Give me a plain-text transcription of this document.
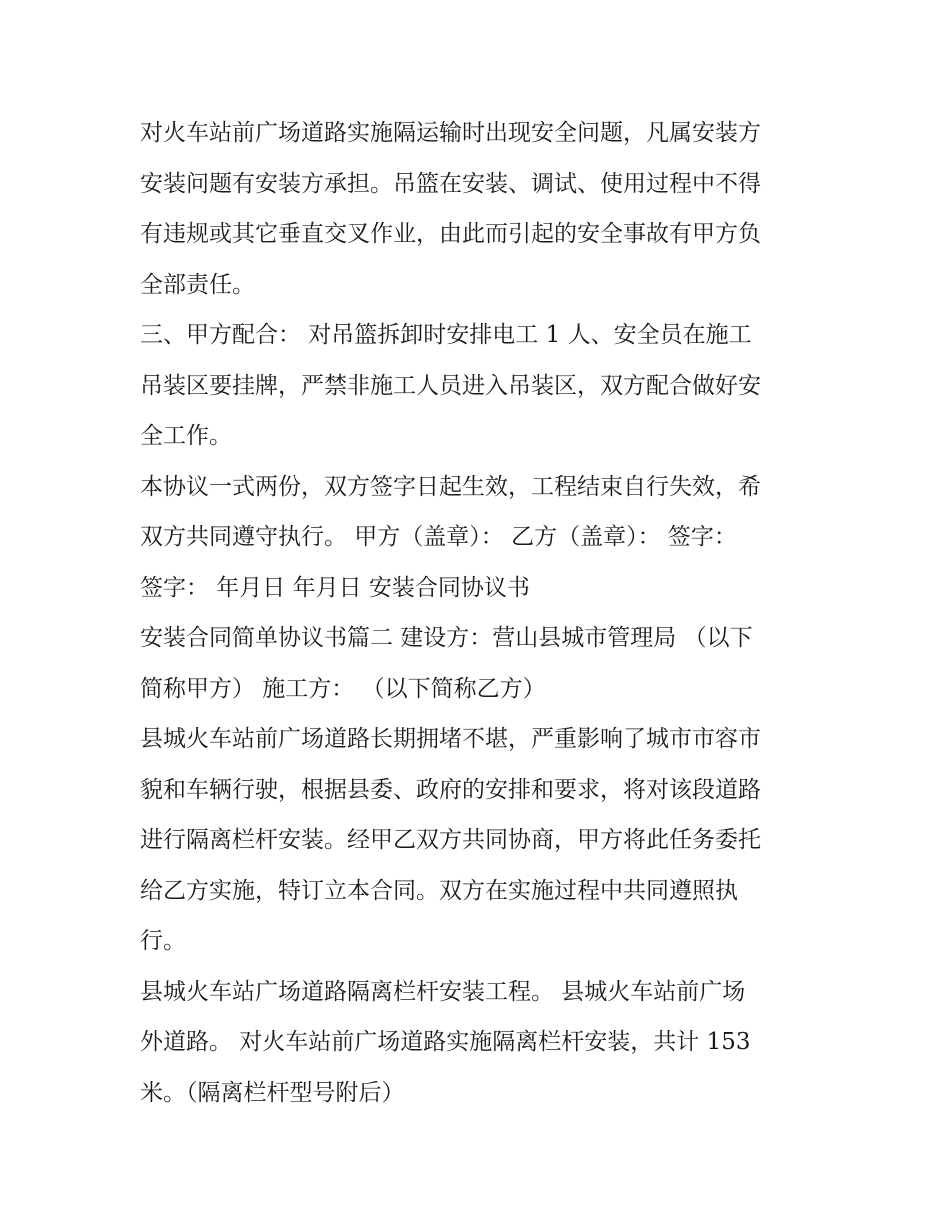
对火车站前广场道路实施隔运输时出现安全问题，凡属安装方
安装问题有安装方承担。吊篮在安装、调试、使用过程中不得
有违规或其它垂直交叉作业，由此而引起的安全事故有甲方负
全部责任。
三、甲方配合： 对吊篮拆卸时安排电工 1 人、安全员在施工
吊装区要挂牌，严禁非施工人员进入吊装区，双方配合做好安
全工作。
本协议一式两份，双方签字日起生效，工程结束自行失效，希
双方共同遵守执行。 甲方（盖章）： 乙方（盖章）： 签字：
签字： 年月日 年月日 安装合同协议书
安装合同简单协议书篇二 建设方：营山县城市管理局 （以下
简称甲方） 施工方： （以下简称乙方）
县城火车站前广场道路长期拥堵不堪，严重影响了城市市容市
貌和车辆行驶，根据县委、政府的安排和要求，将对该段道路
进行隔离栏杆安装。经甲乙双方共同协商，甲方将此任务委托
给乙方实施，特订立本合同。双方在实施过程中共同遵照执
行。
县城火车站广场道路隔离栏杆安装工程。 县城火车站前广场
外道路。 对火车站前广场道路实施隔离栏杆安装，共计 153
米。（隔离栏杆型号附后）
